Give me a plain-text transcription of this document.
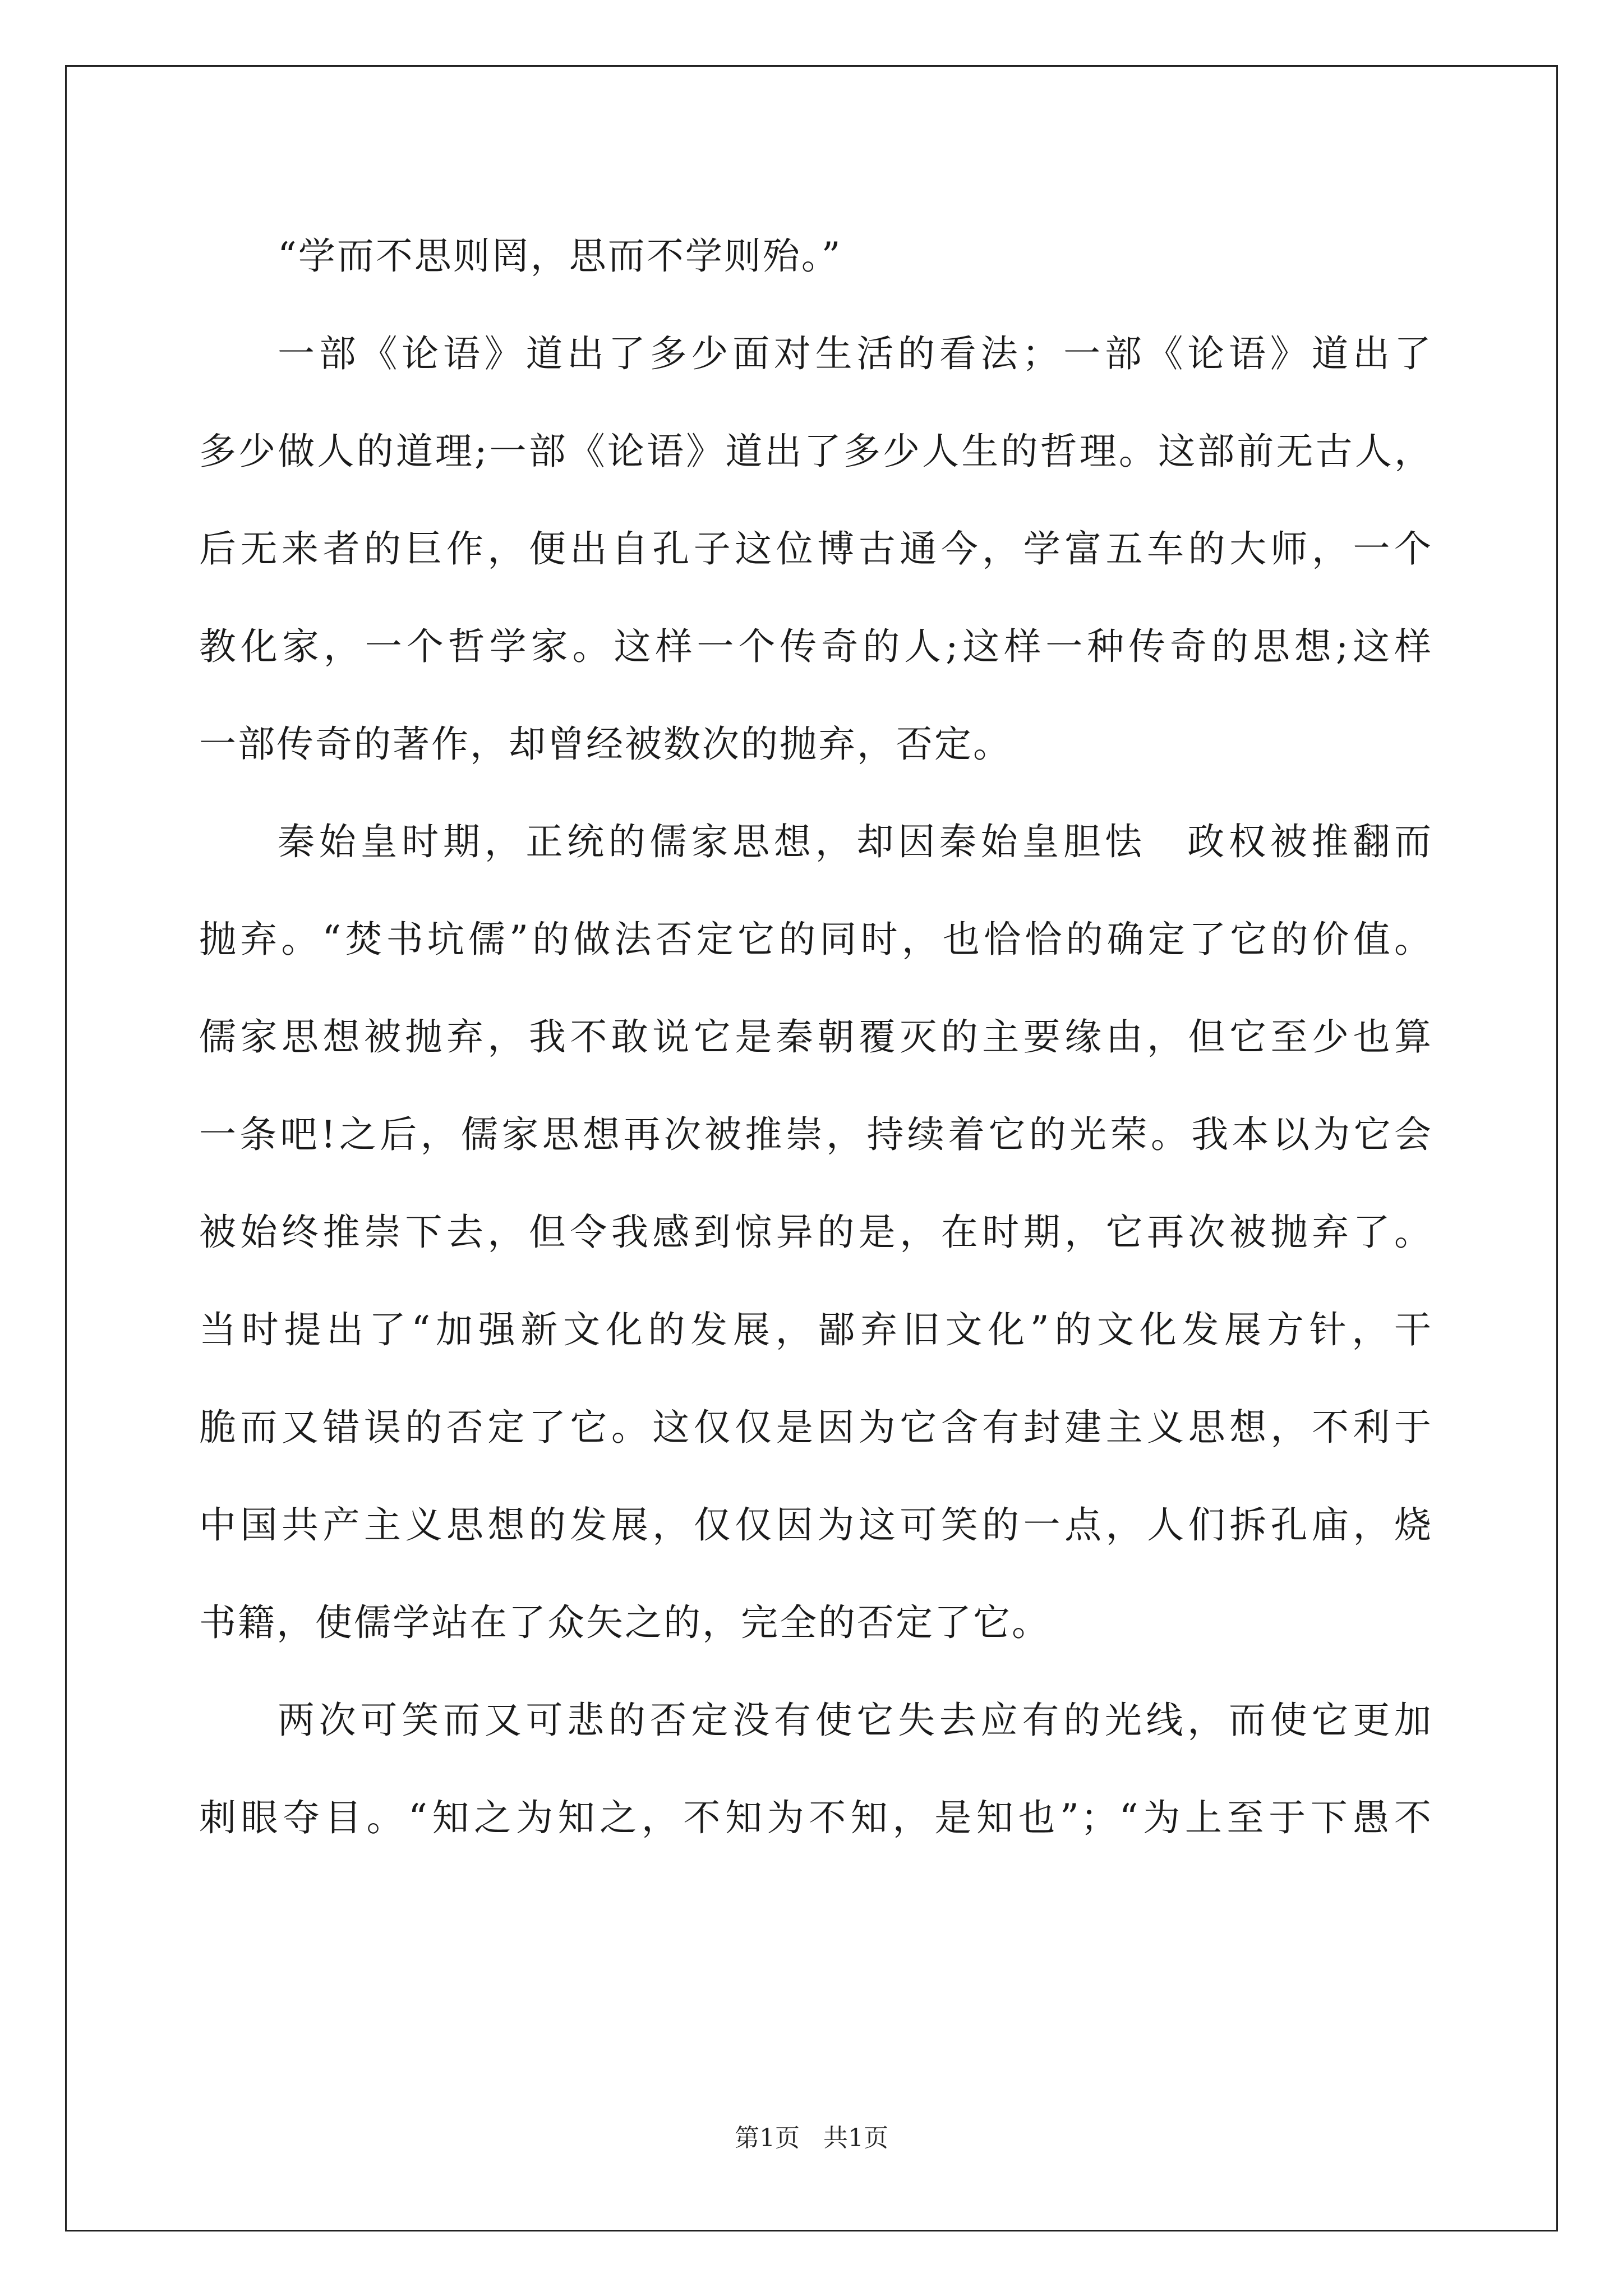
“学而不思则罔，思而不学则殆。”

一部《论语》道出了多少面对生活的看法；一部《论语》道出了

多少做人的道理;一部《论语》道出了多少人生的哲理。这部前无古人，

后无来者的巨作，便出自孔子这位博古通今，学富五车的大师，一个

教化家，一个哲学家。这样一个传奇的人;这样一种传奇的思想;这样

一部传奇的著作，却曾经被数次的抛弃，否定。

秦始皇时期，正统的儒家思想，却因秦始皇胆怯　政权被推翻而

抛弃。“焚书坑儒”的做法否定它的同时，也恰恰的确定了它的价值。

儒家思想被抛弃，我不敢说它是秦朝覆灭的主要缘由，但它至少也算

一条吧!之后，儒家思想再次被推崇，持续着它的光荣。我本以为它会

被始终推崇下去，但令我感到惊异的是，在时期，它再次被抛弃了。

当时提出了“加强新文化的发展，鄙弃旧文化”的文化发展方针，干

脆而又错误的否定了它。这仅仅是因为它含有封建主义思想，不利于

中国共产主义思想的发展，仅仅因为这可笑的一点，人们拆孔庙，烧

书籍，使儒学站在了众矢之的，完全的否定了它。

两次可笑而又可悲的否定没有使它失去应有的光线，而使它更加

刺眼夺目。“知之为知之，不知为不知，是知也”；“为上至于下愚不

第1页 共1页
